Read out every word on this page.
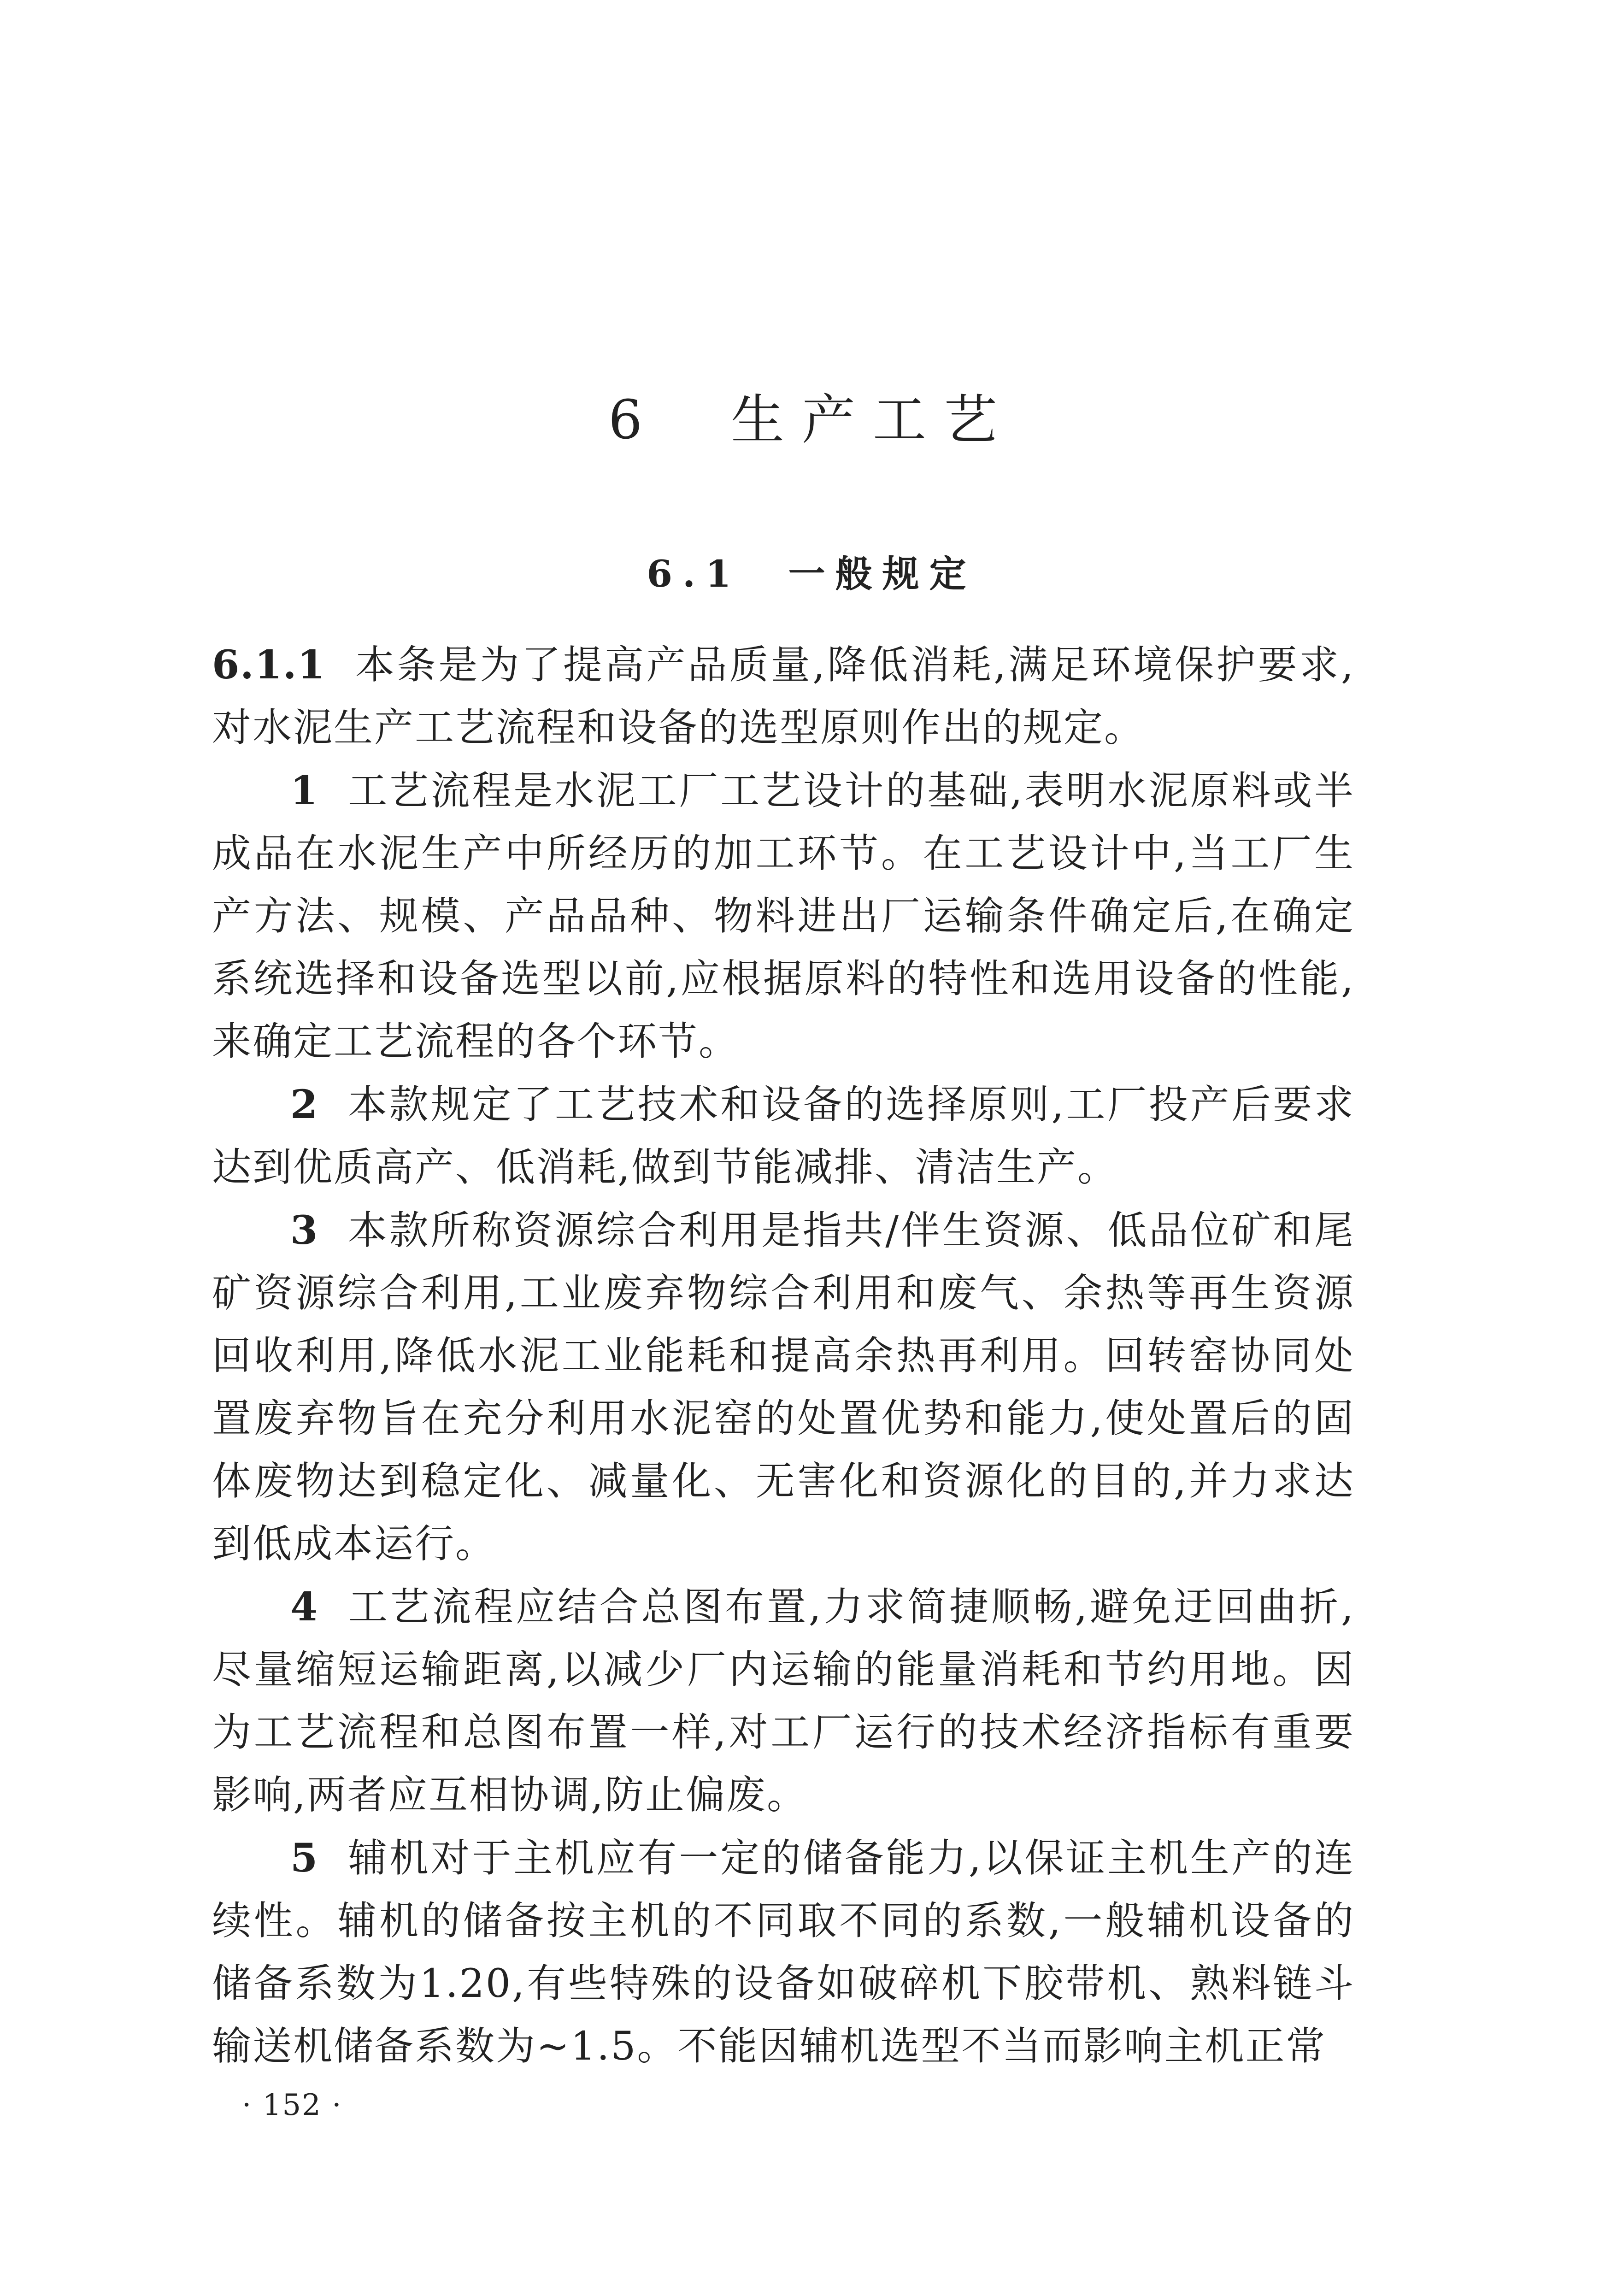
6  生产工艺
6.1  一般规定

6.1.1 本条是为了提高产品质量,降低消耗,满足环境保护要求,对水泥生产工艺流程和设备的选型原则作出的规定。

1 工艺流程是水泥工厂工艺设计的基础,表明水泥原料或半成品在水泥生产中所经历的加工环节。在工艺设计中,当工厂生产方法、规模、产品品种、物料进出厂运输条件确定后,在确定系统选择和设备选型以前,应根据原料的特性和选用设备的性能,来确定工艺流程的各个环节。

2 本款规定了工艺技术和设备的选择原则,工厂投产后要求达到优质高产、低消耗,做到节能减排、清洁生产。

3 本款所称资源综合利用是指共/伴生资源、低品位矿和尾矿资源综合利用,工业废弃物综合利用和废气、余热等再生资源回收利用,降低水泥工业能耗和提高余热再利用。回转窑协同处置废弃物旨在充分利用水泥窑的处置优势和能力,使处置后的固体废物达到稳定化、减量化、无害化和资源化的目的,并力求达到低成本运行。

4 工艺流程应结合总图布置,力求简捷顺畅,避免迂回曲折,尽量缩短运输距离,以减少厂内运输的能量消耗和节约用地。因为工艺流程和总图布置一样,对工厂运行的技术经济指标有重要影响,两者应互相协调,防止偏废。

5 辅机对于主机应有一定的储备能力,以保证主机生产的连续性。辅机的储备按主机的不同取不同的系数,一般辅机设备的储备系数为1.20,有些特殊的设备如破碎机下胶带机、熟料链斗输送机储备系数为~1.5。不能因辅机选型不当而影响主机正常

· 152 ·
